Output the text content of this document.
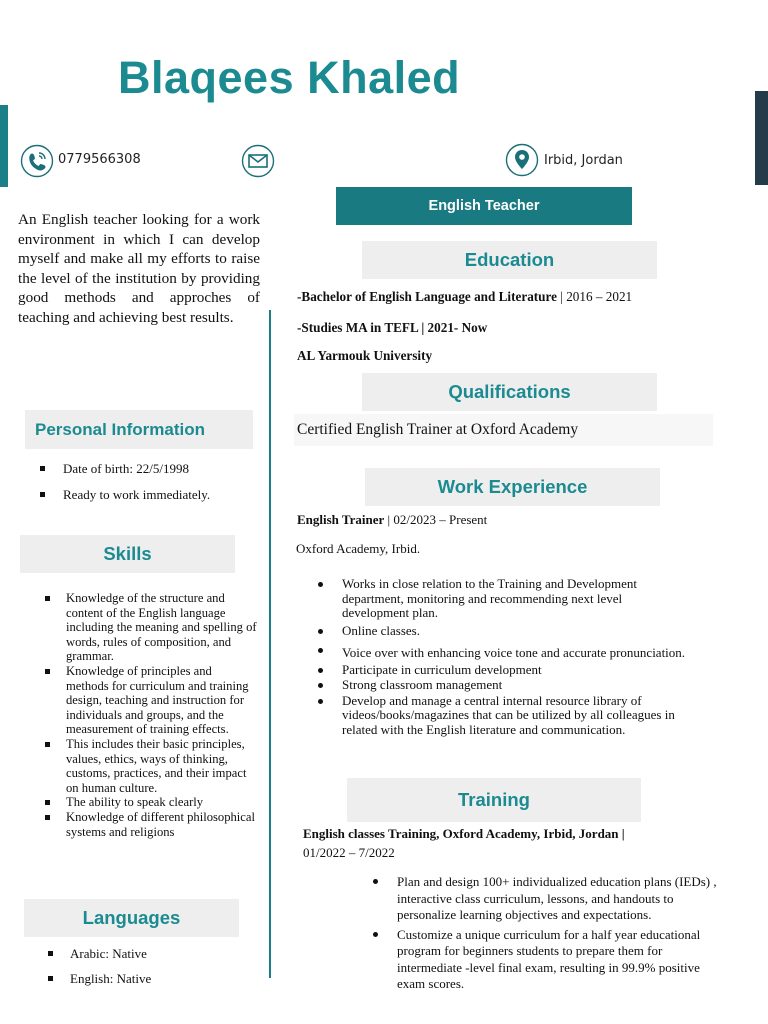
Blaqees Khaled
0779566308	Irbid, Jordan
English Teacher
An English teacher looking for a work environment in which I can develop myself and make all my efforts to raise the level of the institution by providing good methods and approches of teaching and achieving best results.
Personal Information
Date of birth: 22/5/1998
Ready to work immediately.
Skills
Knowledge of the structure and content of the English language including the meaning and spelling of words, rules of composition, and grammar.
Knowledge of principles and methods for curriculum and training design, teaching and instruction for individuals and groups, and the measurement of training effects.
This includes their basic principles, values, ethics, ways of thinking, customs, practices, and their impact on human culture.
The ability to speak clearly
Knowledge of different philosophical systems and religions
Languages
Arabic: Native
English: Native
Education
-Bachelor of English Language and Literature | 2016 – 2021
-Studies MA in TEFL | 2021- Now
AL Yarmouk University
Qualifications
Certified English Trainer at Oxford Academy
Work Experience
English Trainer | 02/2023 – Present
Oxford Academy, Irbid.
Works in close relation to the Training and Development department, monitoring and recommending next level development plan.
Online classes.
Voice over with enhancing voice tone and accurate pronunciation.
Participate in curriculum development
Strong classroom management
Develop and manage a central internal resource library of videos/books/magazines that can be utilized by all colleagues in related with the English literature and communication.
Training
English classes Training, Oxford Academy, Irbid, Jordan |
01/2022 – 7/2022
Plan and design 100+ individualized education plans (IEDs) , interactive class curriculum, lessons, and handouts to personalize learning objectives and expectations.
Customize a unique curriculum for a half year educational program for beginners students to prepare them for intermediate -level final exam, resulting in 99.9% positive exam scores.
